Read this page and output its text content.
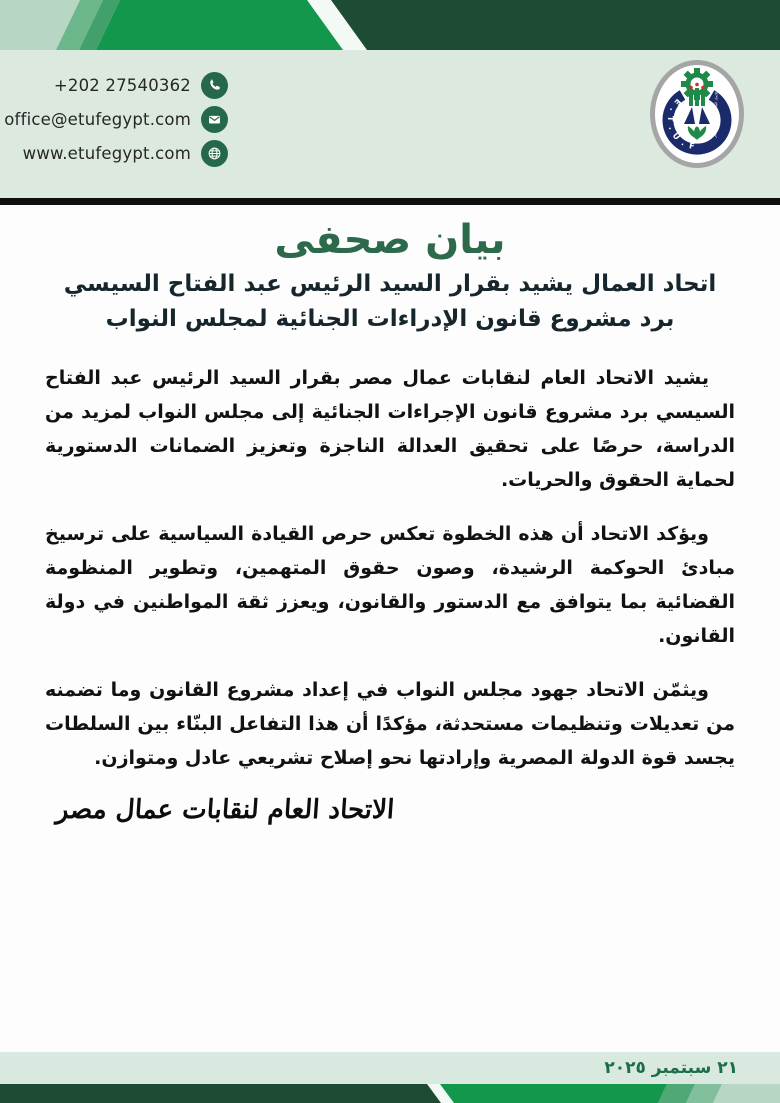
+202 27540362
office@etufegypt.com
www.etufegypt.com
E . T . U . F
الاتحاد العام لنقابات عمال مصر
بيان صحفى
اتحاد العمال يشيد بقرار السيد الرئيس عبد الفتاح السيسي
برد مشروع قانون الإدراءات الجنائية لمجلس النواب

يشيد الاتحاد العام لنقابات عمال مصر بقرار السيد الرئيس عبد الفتاح السيسي برد مشروع قانون الإجراءات الجنائية إلى مجلس النواب لمزيد من الدراسة، حرصًا على تحقيق العدالة الناجزة وتعزيز الضمانات الدستورية لحماية الحقوق والحريات.

ويؤكد الاتحاد أن هذه الخطوة تعكس حرص القيادة السياسية على ترسيخ مبادئ الحوكمة الرشيدة، وصون حقوق المتهمين، وتطوير المنظومة القضائية بما يتوافق مع الدستور والقانون، ويعزز ثقة المواطنين في دولة القانون.

ويثمّن الاتحاد جهود مجلس النواب في إعداد مشروع القانون وما تضمنه من تعديلات وتنظيمات مستحدثة، مؤكدًا أن هذا التفاعل البنّاء بين السلطات يجسد قوة الدولة المصرية وإرادتها نحو إصلاح تشريعي عادل ومتوازن.

الاتحاد العام لنقابات عمال مصر
٢١ سبتمبر ٢٠٢٥
